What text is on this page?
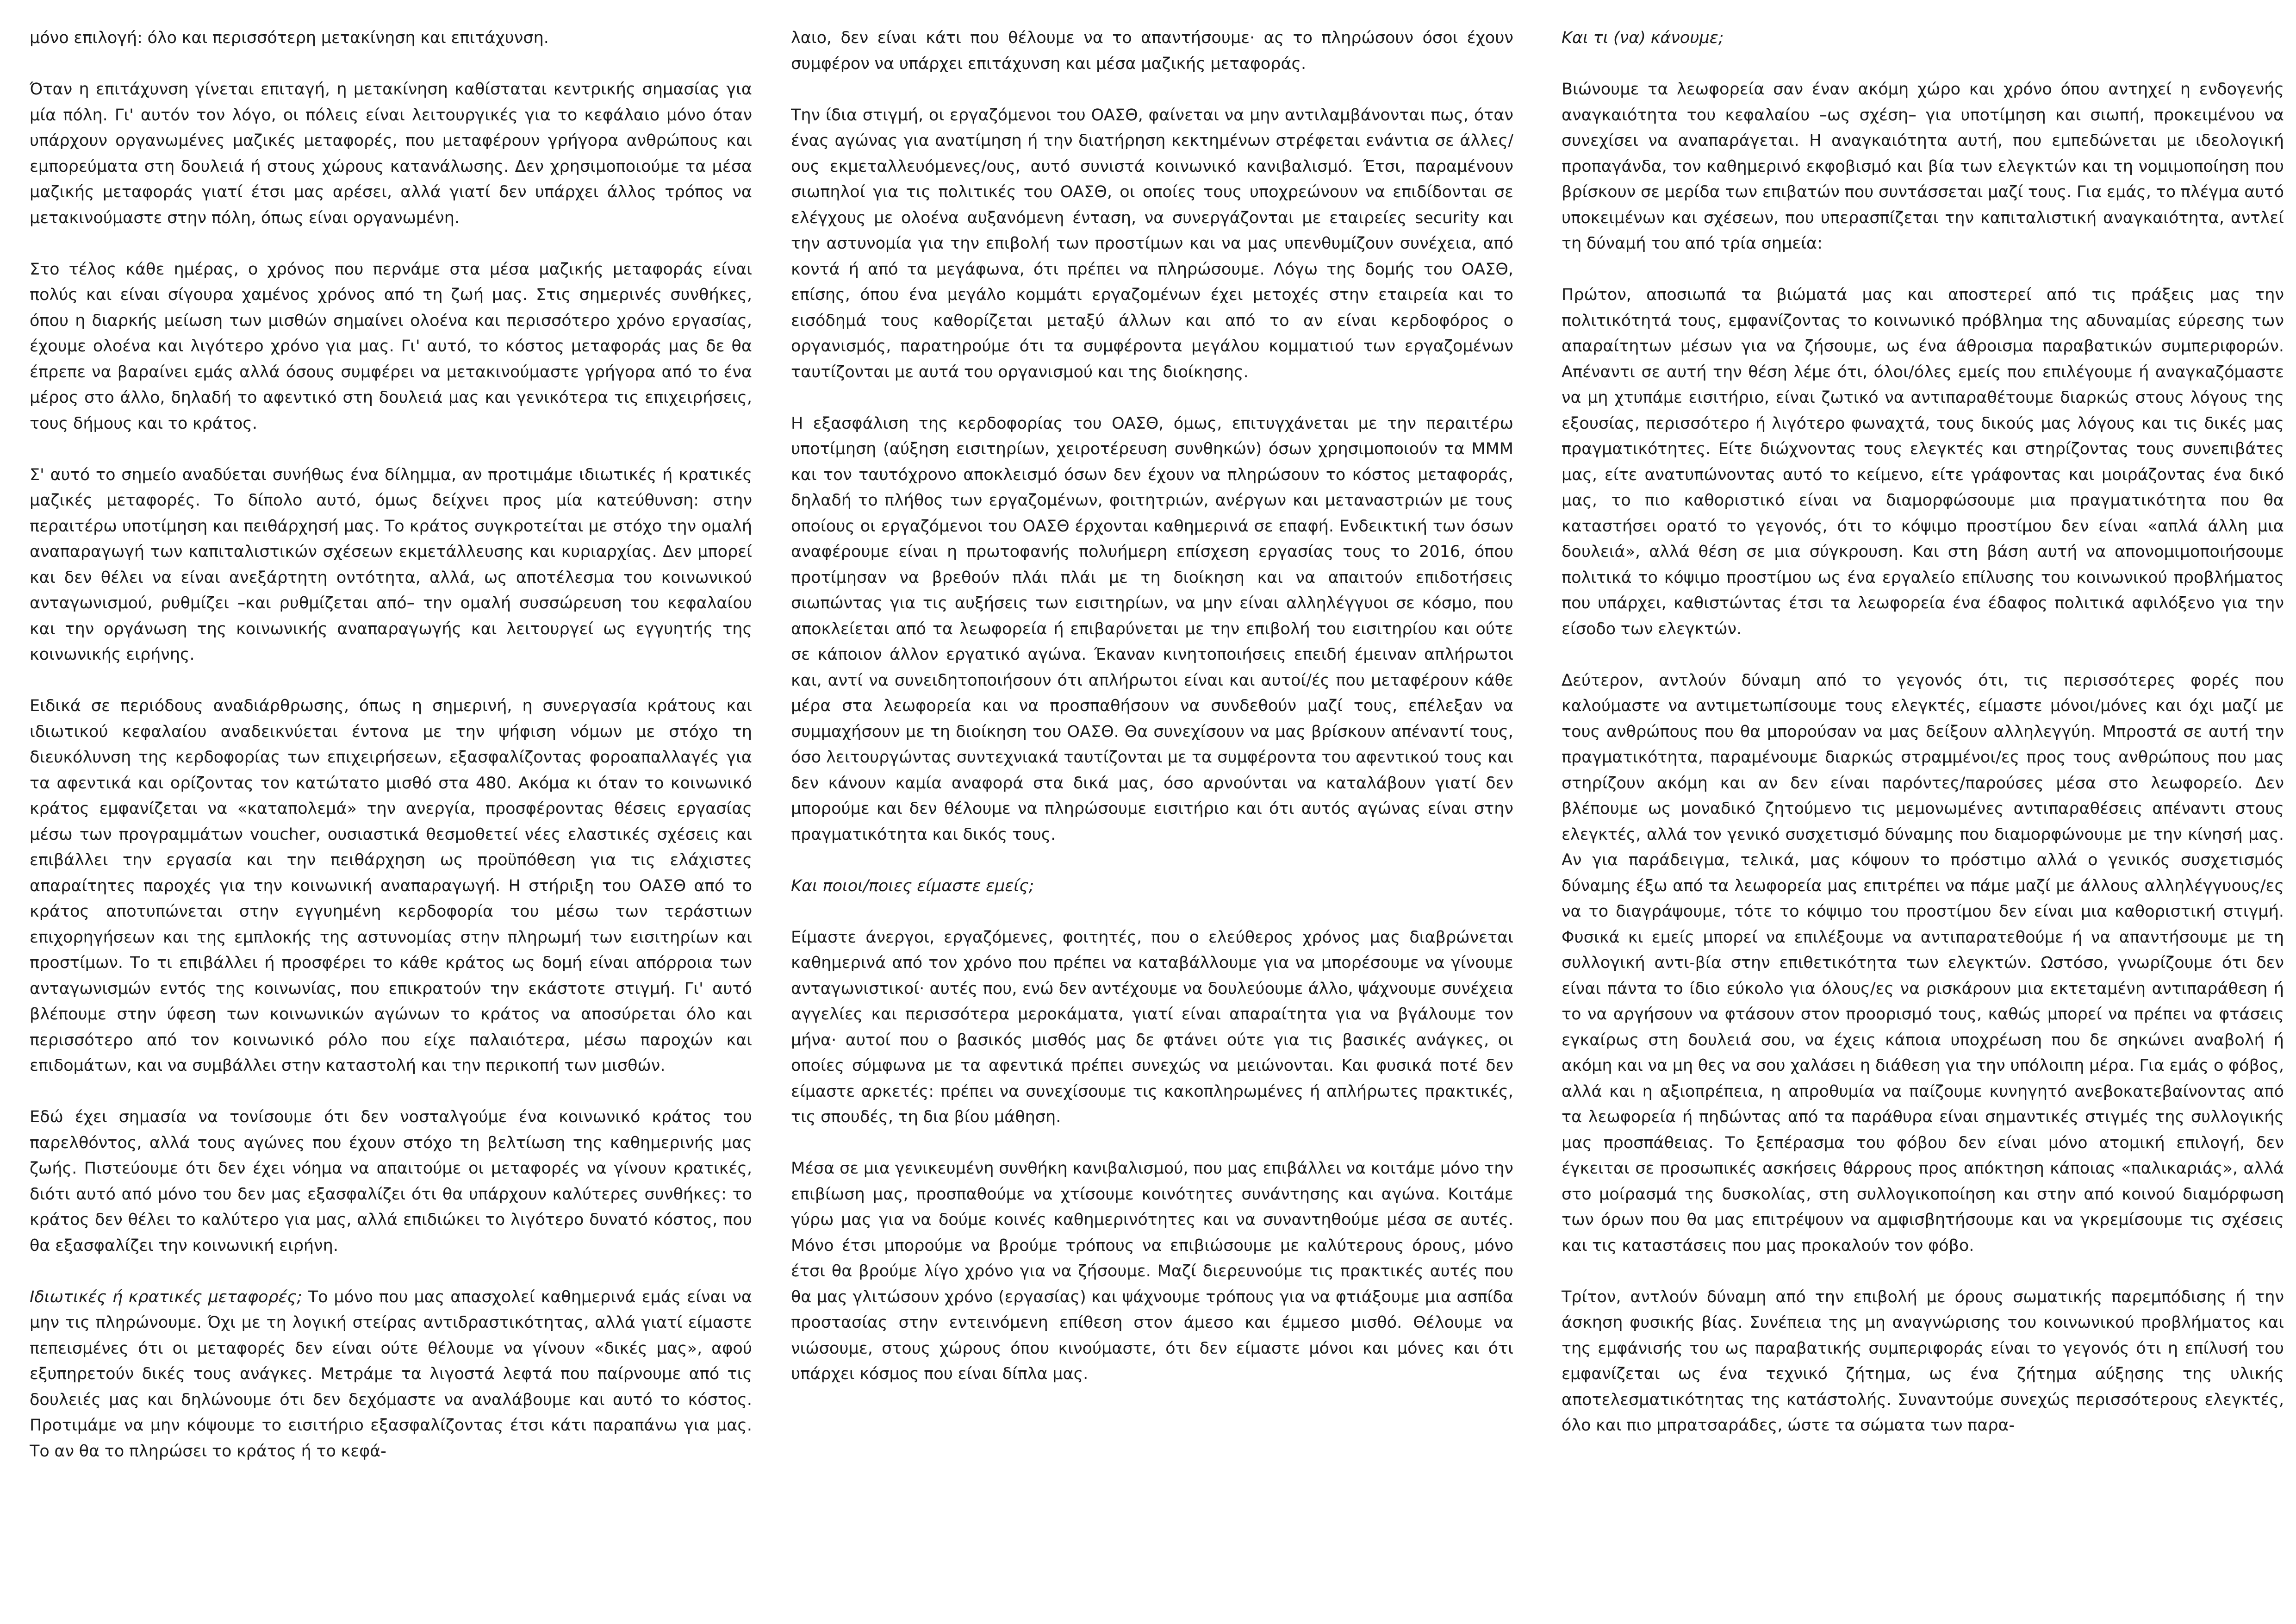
μόνο επιλογή: όλο και περισσότερη μετακίνηση και επιτάχυνση.

Όταν η επιτάχυνση γίνεται επιταγή, η μετακίνηση καθίσταται κεντρικής σημασίας για μία πόλη. Γι' αυτόν τον λόγο, οι πόλεις είναι λειτουργικές για το κεφάλαιο μόνο όταν υπάρχουν οργανωμένες μαζικές μεταφορές, που μεταφέρουν γρήγορα ανθρώπους και εμπορεύματα στη δουλειά ή στους χώρους κατανάλωσης. Δεν χρησιμοποιούμε τα μέσα μαζικής μεταφοράς γιατί έτσι μας αρέσει, αλλά γιατί δεν υπάρχει άλλος τρόπος να μετακινούμαστε στην πόλη, όπως είναι οργανωμένη.

Στο τέλος κάθε ημέρας, ο χρόνος που περνάμε στα μέσα μαζικής μεταφοράς είναι πολύς και είναι σίγουρα χαμένος χρόνος από τη ζωή μας. Στις σημερινές συνθήκες, όπου η διαρκής μείωση των μισθών σημαίνει ολοένα και περισσότερο χρόνο εργασίας, έχουμε ολοένα και λιγότερο χρόνο για μας. Γι' αυτό, το κόστος μεταφοράς μας δε θα έπρεπε να βαραίνει εμάς αλλά όσους συμφέρει να μετακινούμαστε γρήγορα από το ένα μέρος στο άλλο, δηλαδή το αφεντικό στη δουλειά μας και γενικότερα τις επιχειρήσεις, τους δήμους και το κράτος.

Σ' αυτό το σημείο αναδύεται συνήθως ένα δίλημμα, αν προτιμάμε ιδιωτικές ή κρατικές μαζικές μεταφορές. Το δίπολο αυτό, όμως δείχνει προς μία κατεύθυνση: στην περαιτέρω υποτίμηση και πειθάρχησή μας. Το κράτος συγκροτείται με στόχο την ομαλή αναπαραγωγή των καπιταλιστικών σχέσεων εκμετάλλευσης και κυριαρχίας. Δεν μπορεί και δεν θέλει να είναι ανεξάρτητη οντότητα, αλλά, ως αποτέλεσμα του κοινωνικού ανταγωνισμού, ρυθμίζει –και ρυθμίζεται από– την ομαλή συσσώρευση του κεφαλαίου και την οργάνωση της κοινωνικής αναπαραγωγής και λειτουργεί ως εγγυητής της κοινωνικής ειρήνης.

Ειδικά σε περιόδους αναδιάρθρωσης, όπως η σημερινή, η συνεργασία κράτους και ιδιωτικού κεφαλαίου αναδεικνύεται έντονα με την ψήφιση νόμων με στόχο τη διευκόλυνση της κερδοφορίας των επιχειρήσεων, εξασφαλίζοντας φοροαπαλλαγές για τα αφεντικά και ορίζοντας τον κατώτατο μισθό στα 480. Ακόμα κι όταν το κοινωνικό κράτος εμφανίζεται να «καταπολεμά» την ανεργία, προσφέροντας θέσεις εργασίας μέσω των προγραμμάτων voucher, ουσιαστικά θεσμοθετεί νέες ελαστικές σχέσεις και επιβάλλει την εργασία και την πειθάρχηση ως προϋπόθεση για τις ελάχιστες απαραίτητες παροχές για την κοινωνική αναπαραγωγή. Η στήριξη του ΟΑΣΘ από το κράτος αποτυπώνεται στην εγγυημένη κερδοφορία του μέσω των τεράστιων επιχορηγήσεων και της εμπλοκής της αστυνομίας στην πληρωμή των εισιτηρίων και προστίμων. Το τι επιβάλλει ή προσφέρει το κάθε κράτος ως δομή είναι απόρροια των ανταγωνισμών εντός της κοινωνίας, που επικρατούν την εκάστοτε στιγμή. Γι' αυτό βλέπουμε στην ύφεση των κοινωνικών αγώνων το κράτος να αποσύρεται όλο και περισσότερο από τον κοινωνικό ρόλο που είχε παλαιότερα, μέσω παροχών και επιδομάτων, και να συμβάλλει στην καταστολή και την περικοπή των μισθών.

Εδώ έχει σημασία να τονίσουμε ότι δεν νοσταλγούμε ένα κοινωνικό κράτος του παρελθόντος, αλλά τους αγώνες που έχουν στόχο τη βελτίωση της καθημερινής μας ζωής. Πιστεύουμε ότι δεν έχει νόημα να απαιτούμε οι μεταφορές να γίνουν κρατικές, διότι αυτό από μόνο του δεν μας εξασφαλίζει ότι θα υπάρχουν καλύτερες συνθήκες: το κράτος δεν θέλει το καλύτερο για μας, αλλά επιδιώκει το λιγότερο δυνατό κόστος, που θα εξασφαλίζει την κοινωνική ειρήνη.

Ιδιωτικές ή κρατικές μεταφορές; Το μόνο που μας απασχολεί καθημερινά εμάς είναι να μην τις πληρώνουμε. Όχι με τη λογική στείρας αντιδραστικότητας, αλλά γιατί είμαστε πεπεισμένες ότι οι μεταφορές δεν είναι ούτε θέλουμε να γίνουν «δικές μας», αφού εξυπηρετούν δικές τους ανάγκες. Μετράμε τα λιγοστά λεφτά που παίρνουμε από τις δουλειές μας και δηλώνουμε ότι δεν δεχόμαστε να αναλάβουμε και αυτό το κόστος. Προτιμάμε να μην κόψουμε το εισιτήριο εξασφαλίζοντας έτσι κάτι παραπάνω για μας. Το αν θα το πληρώσει το κράτος ή το κεφά-

λαιο, δεν είναι κάτι που θέλουμε να το απαντήσουμε· ας το πληρώσουν όσοι έχουν συμφέρον να υπάρχει επιτάχυνση και μέσα μαζικής μεταφοράς.

Την ίδια στιγμή, οι εργαζόμενοι του ΟΑΣΘ, φαίνεται να μην αντιλαμβάνονται πως, όταν ένας αγώνας για ανατίμηση ή την διατήρηση κεκτημένων στρέφεται ενάντια σε άλλες/ους εκμεταλλευόμενες/ους, αυτό συνιστά κοινωνικό κανιβαλισμό. Έτσι, παραμένουν σιωπηλοί για τις πολιτικές του ΟΑΣΘ, οι οποίες τους υποχρεώνουν να επιδίδονται σε ελέγχους με ολοένα αυξανόμενη ένταση, να συνεργάζονται με εταιρείες security και την αστυνομία για την επιβολή των προστίμων και να μας υπενθυμίζουν συνέχεια, από κοντά ή από τα μεγάφωνα, ότι πρέπει να πληρώσουμε. Λόγω της δομής του ΟΑΣΘ, επίσης, όπου ένα μεγάλο κομμάτι εργαζομένων έχει μετοχές στην εταιρεία και το εισόδημά τους καθορίζεται μεταξύ άλλων και από το αν είναι κερδοφόρος ο οργανισμός, παρατηρούμε ότι τα συμφέροντα μεγάλου κομματιού των εργαζομένων ταυτίζονται με αυτά του οργανισμού και της διοίκησης.

Η εξασφάλιση της κερδοφορίας του ΟΑΣΘ, όμως, επιτυγχάνεται με την περαιτέρω υποτίμηση (αύξηση εισιτηρίων, χειροτέρευση συνθηκών) όσων χρησιμοποιούν τα ΜΜΜ και τον ταυτόχρονο αποκλεισμό όσων δεν έχουν να πληρώσουν το κόστος μεταφοράς, δηλαδή το πλήθος των εργαζομένων, φοιτητριών, ανέργων και μεταναστριών με τους οποίους οι εργαζόμενοι του ΟΑΣΘ έρχονται καθημερινά σε επαφή. Ενδεικτική των όσων αναφέρουμε είναι η πρωτοφανής πολυήμερη επίσχεση εργασίας τους το 2016, όπου προτίμησαν να βρεθούν πλάι πλάι με τη διοίκηση και να απαιτούν επιδοτήσεις σιωπώντας για τις αυξήσεις των εισιτηρίων, να μην είναι αλληλέγγυοι σε κόσμο, που αποκλείεται από τα λεωφορεία ή επιβαρύνεται με την επιβολή του εισιτηρίου και ούτε σε κάποιον άλλον εργατικό αγώνα. Έκαναν κινητοποιήσεις επειδή έμειναν απλήρωτοι και, αντί να συνειδητοποιήσουν ότι απλήρωτοι είναι και αυτοί/ές που μεταφέρουν κάθε μέρα στα λεωφορεία και να προσπαθήσουν να συνδεθούν μαζί τους, επέλεξαν να συμμαχήσουν με τη διοίκηση του ΟΑΣΘ. Θα συνεχίσουν να μας βρίσκουν απέναντί τους, όσο λειτουργώντας συντεχνιακά ταυτίζονται με τα συμφέροντα του αφεντικού τους και δεν κάνουν καμία αναφορά στα δικά μας, όσο αρνούνται να καταλάβουν γιατί δεν μπορούμε και δεν θέλουμε να πληρώσουμε εισιτήριο και ότι αυτός αγώνας είναι στην πραγματικότητα και δικός τους.

Και ποιοι/ποιες είμαστε εμείς;

Είμαστε άνεργοι, εργαζόμενες, φοιτητές, που ο ελεύθερος χρόνος μας διαβρώνεται καθημερινά από τον χρόνο που πρέπει να καταβάλλουμε για να μπορέσουμε να γίνουμε ανταγωνιστικοί· αυτές που, ενώ δεν αντέχουμε να δουλεύουμε άλλο, ψάχνουμε συνέχεια αγγελίες και περισσότερα μεροκάματα, γιατί είναι απαραίτητα για να βγάλουμε τον μήνα· αυτοί που ο βασικός μισθός μας δε φτάνει ούτε για τις βασικές ανάγκες, οι οποίες σύμφωνα με τα αφεντικά πρέπει συνεχώς να μειώνονται. Και φυσικά ποτέ δεν είμαστε αρκετές: πρέπει να συνεχίσουμε τις κακοπληρωμένες ή απλήρωτες πρακτικές, τις σπουδές, τη δια βίου μάθηση.

Μέσα σε μια γενικευμένη συνθήκη κανιβαλισμού, που μας επιβάλλει να κοιτάμε μόνο την επιβίωση μας, προσπαθούμε να χτίσουμε κοινότητες συνάντησης και αγώνα. Κοιτάμε γύρω μας για να δούμε κοινές καθημερινότητες και να συναντηθούμε μέσα σε αυτές. Μόνο έτσι μπορούμε να βρούμε τρόπους να επιβιώσουμε με καλύτερους όρους, μόνο έτσι θα βρούμε λίγο χρόνο για να ζήσουμε. Μαζί διερευνούμε τις πρακτικές αυτές που θα μας γλιτώσουν χρόνο (εργασίας) και ψάχνουμε τρόπους για να φτιάξουμε μια ασπίδα προστασίας στην εντεινόμενη επίθεση στον άμεσο και έμμεσο μισθό. Θέλουμε να νιώσουμε, στους χώρους όπου κινούμαστε, ότι δεν είμαστε μόνοι και μόνες και ότι υπάρχει κόσμος που είναι δίπλα μας.

Και τι (να) κάνουμε;

Βιώνουμε τα λεωφορεία σαν έναν ακόμη χώρο και χρόνο όπου αντηχεί η ενδογενής αναγκαιότητα του κεφαλαίου –ως σχέση– για υποτίμηση και σιωπή, προκειμένου να συνεχίσει να αναπαράγεται. Η αναγκαιότητα αυτή, που εμπεδώνεται με ιδεολογική προπαγάνδα, τον καθημερινό εκφοβισμό και βία των ελεγκτών και τη νομιμοποίηση που βρίσκουν σε μερίδα των επιβατών που συντάσσεται μαζί τους. Για εμάς, το πλέγμα αυτό υποκειμένων και σχέσεων, που υπερασπίζεται την καπιταλιστική αναγκαιότητα, αντλεί τη δύναμή του από τρία σημεία:

Πρώτον, αποσιωπά τα βιώματά μας και αποστερεί από τις πράξεις μας την πολιτικότητά τους, εμφανίζοντας το κοινωνικό πρόβλημα της αδυναμίας εύρεσης των απαραίτητων μέσων για να ζήσουμε, ως ένα άθροισμα παραβατικών συμπεριφορών. Απέναντι σε αυτή την θέση λέμε ότι, όλοι/όλες εμείς που επιλέγουμε ή αναγκαζόμαστε να μη χτυπάμε εισιτήριο, είναι ζωτικό να αντιπαραθέτουμε διαρκώς στους λόγους της εξουσίας, περισσότερο ή λιγότερο φωναχτά, τους δικούς μας λόγους και τις δικές μας πραγματικότητες. Είτε διώχνοντας τους ελεγκτές και στηρίζοντας τους συνεπιβάτες μας, είτε ανατυπώνοντας αυτό το κείμενο, είτε γράφοντας και μοιράζοντας ένα δικό μας, το πιο καθοριστικό είναι να διαμορφώσουμε μια πραγματικότητα που θα καταστήσει ορατό το γεγονός, ότι το κόψιμο προστίμου δεν είναι «απλά άλλη μια δουλειά», αλλά θέση σε μια σύγκρουση. Και στη βάση αυτή να απονομιμοποιήσουμε πολιτικά το κόψιμο προστίμου ως ένα εργαλείο επίλυσης του κοινωνικού προβλήματος που υπάρχει, καθιστώντας έτσι τα λεωφορεία ένα έδαφος πολιτικά αφιλόξενο για την είσοδο των ελεγκτών.

Δεύτερον, αντλούν δύναμη από το γεγονός ότι, τις περισσότερες φορές που καλούμαστε να αντιμετωπίσουμε τους ελεγκτές, είμαστε μόνοι/μόνες και όχι μαζί με τους ανθρώπους που θα μπορούσαν να μας δείξουν αλληλεγγύη. Μπροστά σε αυτή την πραγματικότητα, παραμένουμε διαρκώς στραμμένοι/ες προς τους ανθρώπους που μας στηρίζουν ακόμη και αν δεν είναι παρόντες/παρούσες μέσα στο λεωφορείο. Δεν βλέπουμε ως μοναδικό ζητούμενο τις μεμονωμένες αντιπαραθέσεις απέναντι στους ελεγκτές, αλλά τον γενικό συσχετισμό δύναμης που διαμορφώνουμε με την κίνησή μας. Αν για παράδειγμα, τελικά, μας κόψουν το πρόστιμο αλλά ο γενικός συσχετισμός δύναμης έξω από τα λεωφορεία μας επιτρέπει να πάμε μαζί με άλλους αλληλέγγυους/ες να το διαγράψουμε, τότε το κόψιμο του προστίμου δεν είναι μια καθοριστική στιγμή. Φυσικά κι εμείς μπορεί να επιλέξουμε να αντιπαρατεθούμε ή να απαντήσουμε με τη συλλογική αντι-βία στην επιθετικότητα των ελεγκτών. Ωστόσο, γνωρίζουμε ότι δεν είναι πάντα το ίδιο εύκολο για όλους/ες να ρισκάρουν μια εκτεταμένη αντιπαράθεση ή το να αργήσουν να φτάσουν στον προορισμό τους, καθώς μπορεί να πρέπει να φτάσεις εγκαίρως στη δουλειά σου, να έχεις κάποια υποχρέωση που δε σηκώνει αναβολή ή ακόμη και να μη θες να σου χαλάσει η διάθεση για την υπόλοιπη μέρα. Για εμάς ο φόβος, αλλά και η αξιοπρέπεια, η απροθυμία να παίζουμε κυνηγητό ανεβοκατεβαίνοντας από τα λεωφορεία ή πηδώντας από τα παράθυρα είναι σημαντικές στιγμές της συλλογικής μας προσπάθειας. Το ξεπέρασμα του φόβου δεν είναι μόνο ατομική επιλογή, δεν έγκειται σε προσωπικές ασκήσεις θάρρους προς απόκτηση κάποιας «παλικαριάς», αλλά στο μοίρασμά της δυσκολίας, στη συλλογικοποίηση και στην από κοινού διαμόρφωση των όρων που θα μας επιτρέψουν να αμφισβητήσουμε και να γκρεμίσουμε τις σχέσεις και τις καταστάσεις που μας προκαλούν τον φόβο.

Τρίτον, αντλούν δύναμη από την επιβολή με όρους σωματικής παρεμπόδισης ή την άσκηση φυσικής βίας. Συνέπεια της μη αναγνώρισης του κοινωνικού προβλήματος και της εμφάνισής του ως παραβατικής συμπεριφοράς είναι το γεγονός ότι η επίλυσή του εμφανίζεται ως ένα τεχνικό ζήτημα, ως ένα ζήτημα αύξησης της υλικής αποτελεσματικότητας της κατάστολής. Συναντούμε συνεχώς περισσότερους ελεγκτές, όλο και πιο μπρατσαράδες, ώστε τα σώματα των παρα-
